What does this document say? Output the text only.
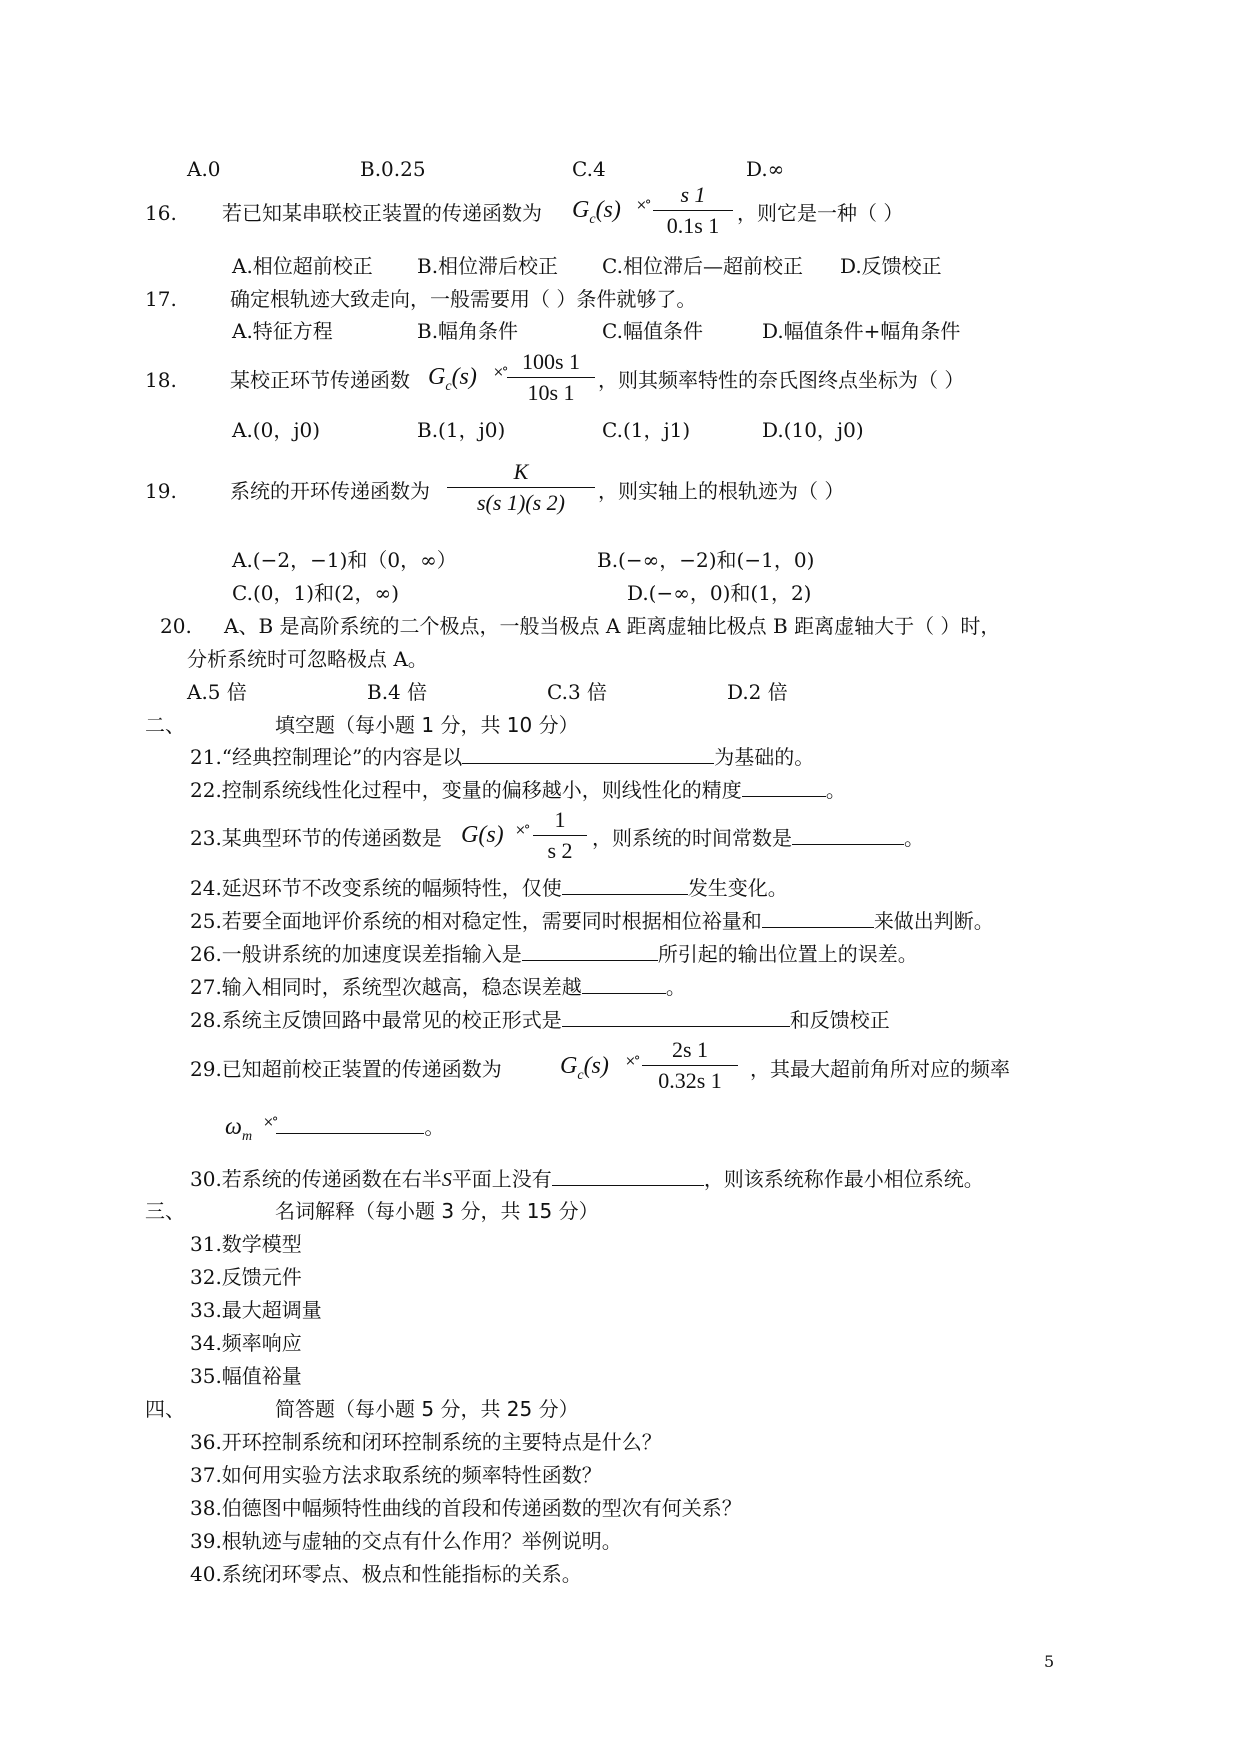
A.0	B.0.25	C.4	D.∞
16. 若已知某串联校正装置的传递函数为 $G_c(s)$ ×°	s 1
0.1s 1 ，则它是一种（ ）
A.相位超前校正 B.相位滞后校正 C.相位滞后—超前校正 D.反馈校正
17.	确定根轨迹大致走向，一般需要用（ ）条件就够了。
A.特征方程	B.幅角条件	C.幅值条件	D.幅值条件+幅角条件
18.	某校正环节传递函数 $G_c(s)$ ×° 100s 1
10s 1	，则其频率特性的奈氏图终点坐标为（ ）
A.(0，j0)	B.(1，j0)	C.(1，j1)	D.(10，j0)
19.	系统的开环传递函数为
K
s(s 1)(s 2)	，则实轴上的根轨迹为（ ）
A.(−2，−1)和（0，∞）	B.(−∞，−2)和(−1，0)
C.(0，1)和(2，∞)	D.(−∞，0)和(1，2)
20. A、B 是高阶系统的二个极点，一般当极点 A 距离虚轴比极点 B 距离虚轴大于（ ）时，
分析系统时可忽略极点 A。
A.5 倍	B.4 倍	C.3 倍	D.2 倍
二、	填空题（每小题 1 分，共 10 分）
21.“经典控制理论”的内容是以	为基础的。
22.控制系统线性化过程中，变量的偏移越小，则线性化的精度	。
23.某典型环节的传递函数是 G(s) ×°	1
s 2 ，则系统的时间常数是	。
24.延迟环节不改变系统的幅频特性，仅使	发生变化。
25.若要全面地评价系统的相对稳定性，需要同时根据相位裕量和	来做出判断。
26.一般讲系统的加速度误差指输入是	所引起的输出位置上的误差。
27.输入相同时，系统型次越高，稳态误差越	。
28.系统主反馈回路中最常见的校正形式是	和反馈校正
29.已知超前校正装置的传递函数为 $G_c(s)$ ×°	2s 1
0.32s 1	，其最大超前角所对应的频率
$\omega_m$
×°	。
30.若系统的传递函数在右半S平面上没有	，则该系统称作最小相位系统。
三、	名词解释（每小题 3 分，共 15 分）
31.数学模型
32.反馈元件
33.最大超调量
34.频率响应
35.幅值裕量
四、	简答题（每小题 5 分，共 25 分）
36.开环控制系统和闭环控制系统的主要特点是什么？
37.如何用实验方法求取系统的频率特性函数？
38.伯德图中幅频特性曲线的首段和传递函数的型次有何关系？
39.根轨迹与虚轴的交点有什么作用？举例说明。
40.系统闭环零点、极点和性能指标的关系。
5
